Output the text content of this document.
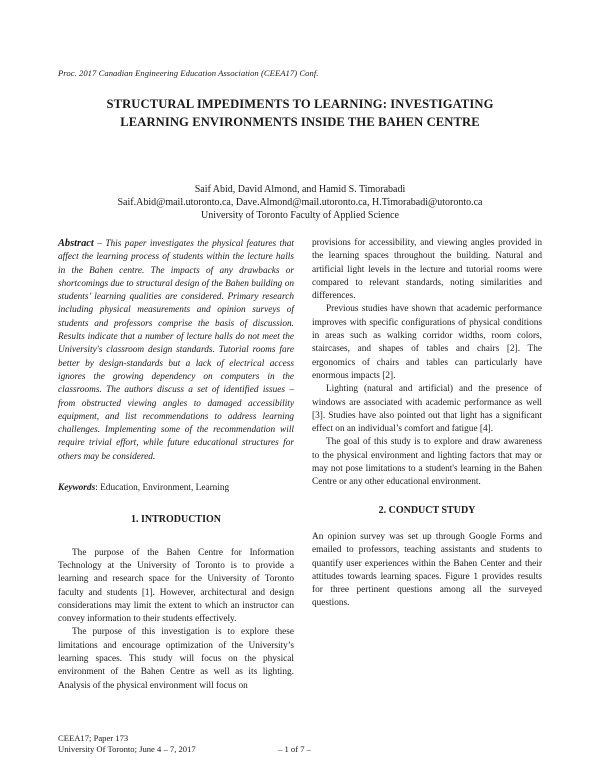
Proc. 2017 Canadian Engineering Education Association (CEEA17) Conf.
STRUCTURAL IMPEDIMENTS TO LEARNING: INVESTIGATING
LEARNING ENVIRONMENTS INSIDE THE BAHEN CENTRE
Saif Abid, David Almond, and Hamid S. Timorabadi
Saif.Abid@mail.utoronto.ca, Dave.Almond@mail.utoronto.ca, H.Timorabadi@utoronto.ca
University of Toronto Faculty of Applied Science
Abstract – This paper investigates the physical features that affect the learning process of students within the lecture halls in the Bahen centre. The impacts of any drawbacks or shortcomings due to structural design of the Bahen building on students’ learning qualities are considered. Primary research including physical measurements and opinion surveys of students and professors comprise the basis of discussion. Results indicate that a number of lecture halls do not meet the University's classroom design standards. Tutorial rooms fare better by design-standards but a lack of electrical access ignores the growing dependency on computers in the classrooms. The authors discuss a set of identified issues – from obstructed viewing angles to damaged accessibility equipment, and list recommendations to address learning challenges. Implementing some of the recommendation will require trivial effort, while future educational structures for others may be considered.
Keywords: Education, Environment, Learning
1. INTRODUCTION

The purpose of the Bahen Centre for Information Technology at the University of Toronto is to provide a learning and research space for the University of Toronto faculty and students [1]. However, architectural and design considerations may limit the extent to which an instructor can convey information to their students effectively.

The purpose of this investigation is to explore these limitations and encourage optimization of the University’s learning spaces. This study will focus on the physical environment of the Bahen Centre as well as its lighting. Analysis of the physical environment will focus on

provisions for accessibility, and viewing angles provided in the learning spaces throughout the building. Natural and artificial light levels in the lecture and tutorial rooms were compared to relevant standards, noting similarities and differences.

Previous studies have shown that academic performance improves with specific configurations of physical conditions in areas such as walking corridor widths, room colors, staircases, and shapes of tables and chairs [2]. The ergonomics of chairs and tables can particularly have enormous impacts [2].

Lighting (natural and artificial) and the presence of windows are associated with academic performance as well [3]. Studies have also pointed out that light has a significant effect on an individual’s comfort and fatigue [4].

The goal of this study is to explore and draw awareness to the physical environment and lighting factors that may or may not pose limitations to a student's learning in the Bahen Centre or any other educational environment.

2. CONDUCT STUDY

An opinion survey was set up through Google Forms and emailed to professors, teaching assistants and students to quantify user experiences within the Bahen Center and their attitudes towards learning spaces. Figure 1 provides results for three pertinent questions among all the surveyed questions.

CEEA17; Paper 173
University Of Toronto; June 4 – 7, 2017	– 1 of 7 –
